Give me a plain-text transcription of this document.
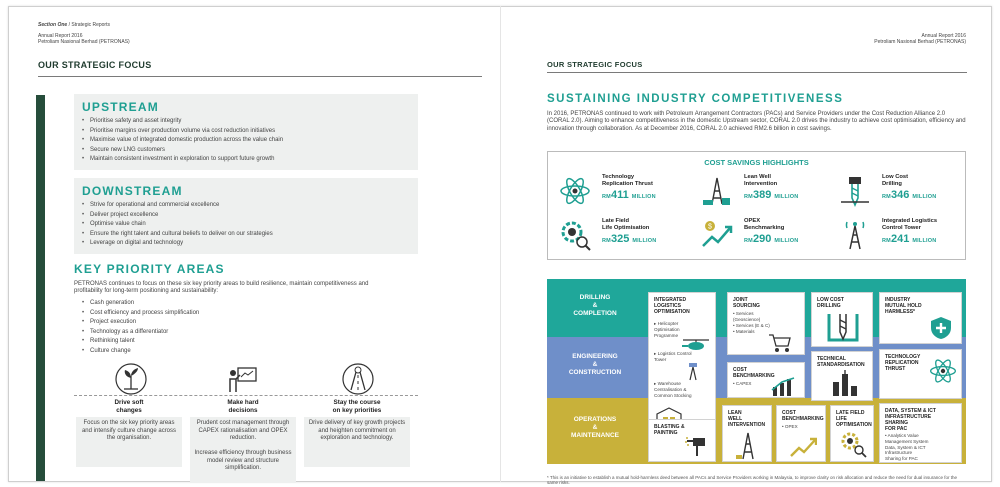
Section One / Strategic Reports
Annual Report 2016
Petroliam Nasional Berhad (PETRONAS)
OUR STRATEGIC FOCUS
UPSTREAM
• Prioritise safety and asset integrity
• Prioritise margins over production volume via cost reduction initiatives
• Maximise value of integrated domestic production across the value chain
• Secure new LNG customers
• Maintain consistent investment in exploration to support future growth
DOWNSTREAM
• Strive for operational and commercial excellence
• Deliver project excellence
• Optimise value chain
• Ensure the right talent and cultural beliefs to deliver on our strategies
• Leverage on digital and technology
KEY PRIORITY AREAS
PETRONAS continues to focus on these six key priority areas to build resilience, maintain competitiveness and profitability for long-term positioning and sustainability:
• Cash generation
• Cost efficiency and process simplification
• Project execution
• Technology as a differentiator
• Rethinking talent
• Culture change
Drive soft
changes
Focus on the six key priority areas and intensify culture change across the organisation.
Make hard
decisions
Prudent cost management through CAPEX rationalisation and OPEX reduction.

Increase efficiency through business model review and structure simplification.
Stay the course
on key priorities
Drive delivery of key growth projects and heighten commitment on exploration and technology.
Annual Report 2016
Petroliam Nasional Berhad (PETRONAS)
OUR STRATEGIC FOCUS
SUSTAINING INDUSTRY COMPETITIVENESS
In 2016, PETRONAS continued to work with Petroleum Arrangement Contractors (PACs) and Service Providers under the Cost Reduction Alliance 2.0 (CORAL 2.0). Aiming to enhance competitiveness in the domestic Upstream sector, CORAL 2.0 drives the industry to achieve cost optimisation, efficiency and innovation through collaboration. As at December 2016, CORAL 2.0 achieved RM2.6 billion in cost savings.
COST SAVINGS HIGHLIGHTS
Technology
Replication Thrust
RM411 MILLION
Lean Well
Intervention
RM389 MILLION
Low Cost
Drilling
RM346 MILLION
Late Field
Life Optimisation
RM325 MILLION
$
OPEX
Benchmarking
RM290 MILLION
Integrated Logistics
Control Tower
RM241 MILLION
DRILLING
&
COMPLETION
ENGINEERING
&
CONSTRUCTION
OPERATIONS
&
MAINTENANCE
INTEGRATED
LOGISTICS
OPTIMISATION
▸ Helicopter
Optimisation
Programme
▸ Logistics Control
Tower
▸ Warehouse
Centralisation &
Common Stocking
JOINT
SOURCING
• Services
(Geoscience)
• Services (E & C)
• Materials
LOW COST
DRILLING
INDUSTRY
MUTUAL HOLD
HARMLESS*
TECHNOLOGY
REPLICATION
THRUST
TECHNICAL
STANDARDISATION
COST
BENCHMARKING
• CAPEX
DATA, SYSTEM & ICT
INFRASTRUCTURE
SHARING
FOR PAC
• Analytics Value
Management System
Data, System & ICT
Infrastructure
Sharing for PAC
BLASTING &
PAINTING
LEAN
WELL
INTERVENTION
COST
BENCHMARKING
• OPEX
LATE FIELD
LIFE
OPTIMISATION
* This is an initiative to establish a mutual hold-harmless deed between all PACs and Service Providers working in Malaysia, to improve clarity on risk allocation and reduce the need for dual insurance for the same risks.
